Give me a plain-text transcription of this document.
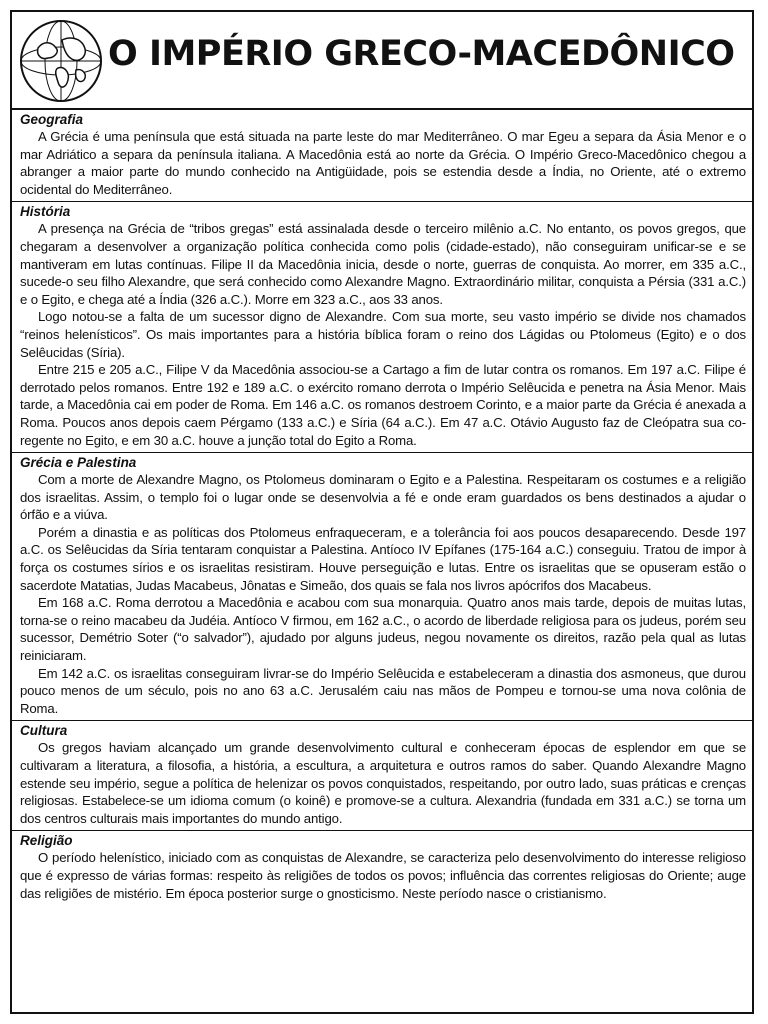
O IMPÉRIO GRECO-MACEDÔNICO
Geografia

A Grécia é uma península que está situada na parte leste do mar Mediterrâneo. O mar Egeu a separa da Ásia Menor e o mar Adriático a separa da península italiana. A Macedônia está ao norte da Grécia. O Império Greco-Macedônico chegou a abranger a maior parte do mundo conhecido na Antigüidade, pois se estendia desde a Índia, no Oriente, até o extremo ocidental do Mediterrâneo.

História

A presença na Grécia de “tribos gregas” está assinalada desde o terceiro milênio a.C. No entanto, os povos gregos, que chegaram a desenvolver a organização política conhecida como polis (cidade-estado), não conseguiram unificar-se e se mantiveram em lutas contínuas. Filipe II da Macedônia inicia, desde o norte, guerras de conquista. Ao morrer, em 335 a.C., sucede-o seu filho Alexandre, que será conhecido como Alexandre Magno. Extraordinário militar, conquista a Pérsia (331 a.C.) e o Egito, e chega até a Índia (326 a.C.). Morre em 323 a.C., aos 33 anos.

Logo notou-se a falta de um sucessor digno de Alexandre. Com sua morte, seu vasto império se divide nos chamados “reinos helenísticos”. Os mais importantes para a história bíblica foram o reino dos Lágidas ou Ptolomeus (Egito) e o dos Selêucidas (Síria).

Entre 215 e 205 a.C., Filipe V da Macedônia associou-se a Cartago a fim de lutar contra os romanos. Em 197 a.C. Filipe é derrotado pelos romanos. Entre 192 e 189 a.C. o exército romano derrota o Império Selêucida e penetra na Ásia Menor. Mais tarde, a Macedônia cai em poder de Roma. Em 146 a.C. os romanos destroem Corinto, e a maior parte da Grécia é anexada a Roma. Poucos anos depois caem Pérgamo (133 a.C.) e Síria (64 a.C.). Em 47 a.C. Otávio Augusto faz de Cleópatra sua co-regente no Egito, e em 30 a.C. houve a junção total do Egito a Roma.

Grécia e Palestina

Com a morte de Alexandre Magno, os Ptolomeus dominaram o Egito e a Palestina. Respeitaram os costumes e a religião dos israelitas. Assim, o templo foi o lugar onde se desenvolvia a fé e onde eram guardados os bens destinados a ajudar o órfão e a viúva.

Porém a dinastia e as políticas dos Ptolomeus enfraqueceram, e a tolerância foi aos poucos desaparecendo. Desde 197 a.C. os Selêucidas da Síria tentaram conquistar a Palestina. Antíoco IV Epífanes (175-164 a.C.) conseguiu. Tratou de impor à força os costumes sírios e os israelitas resistiram. Houve perseguição e lutas. Entre os israelitas que se opuseram estão o sacerdote Matatias, Judas Macabeus, Jônatas e Simeão, dos quais se fala nos livros apócrifos dos Macabeus.

Em 168 a.C. Roma derrotou a Macedônia e acabou com sua monarquia. Quatro anos mais tarde, depois de muitas lutas, torna-se o reino macabeu da Judéia. Antíoco V firmou, em 162 a.C., o acordo de liberdade religiosa para os judeus, porém seu sucessor, Demétrio Soter (“o salvador”), ajudado por alguns judeus, negou novamente os direitos, razão pela qual as lutas reiniciaram.

Em 142 a.C. os israelitas conseguiram livrar-se do Império Selêucida e estabeleceram a dinastia dos asmoneus, que durou pouco menos de um século, pois no ano 63 a.C. Jerusalém caiu nas mãos de Pompeu e tornou-se uma nova colônia de Roma.

Cultura

Os gregos haviam alcançado um grande desenvolvimento cultural e conheceram épocas de esplendor em que se cultivaram a literatura, a filosofia, a história, a escultura, a arquitetura e outros ramos do saber. Quando Alexandre Magno estende seu império, segue a política de helenizar os povos conquistados, respeitando, por outro lado, suas práticas e crenças religiosas. Estabelece-se um idioma comum (o koinê) e promove-se a cultura. Alexandria (fundada em 331 a.C.) se torna um dos centros culturais mais importantes do mundo antigo.

Religião

O período helenístico, iniciado com as conquistas de Alexandre, se caracteriza pelo desenvolvimento do interesse religioso que é expresso de várias formas: respeito às religiões de todos os povos; influência das correntes religiosas do Oriente; auge das religiões de mistério. Em época posterior surge o gnosticismo. Neste período nasce o cristianismo.
